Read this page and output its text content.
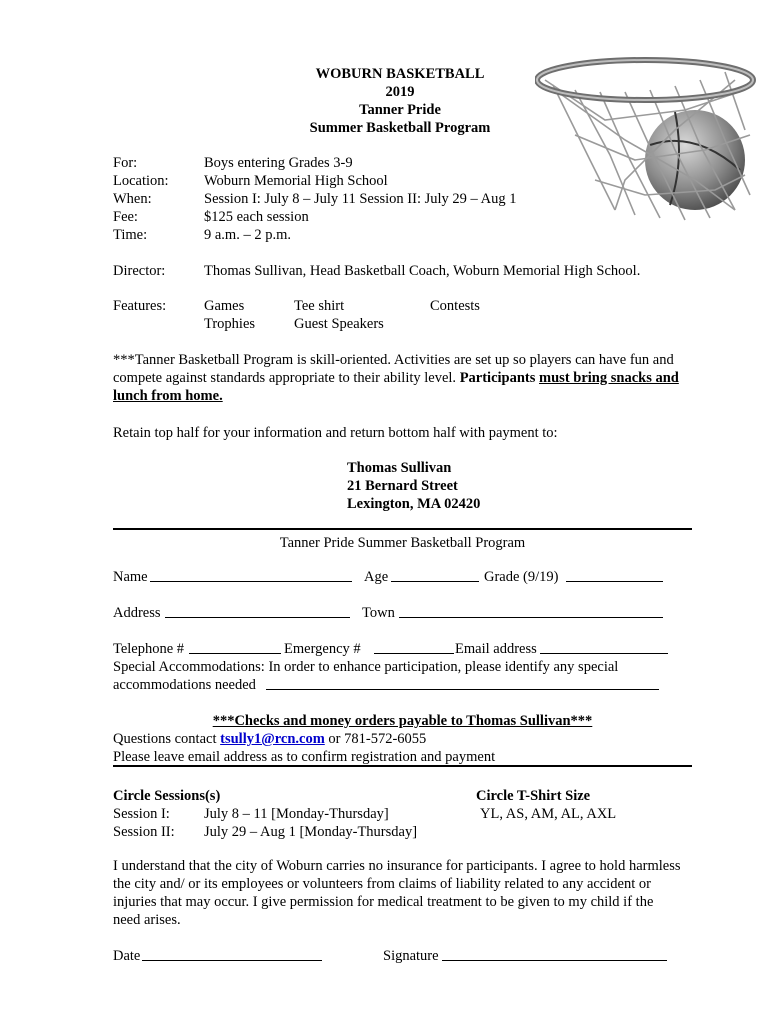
WOBURN BASKETBALL
2019
Tanner Pride
Summer Basketball Program
For:	Boys entering Grades 3-9
Location: Woburn Memorial High School
When:	Session I: July 8 – July 11 Session II: July 29 – Aug 1
Fee:	$125 each session
Time:	9 a.m. – 2 p.m.
Director:	Thomas Sullivan, Head Basketball Coach, Woburn Memorial High School.
Features:	Games	Tee shirt	Contests
Trophies	Guest Speakers
***Tanner Basketball Program is skill-oriented. Activities are set up so players can have fun and compete against standards appropriate to their ability level. Participants must bring snacks and lunch from home.
Retain top half for your information and return bottom half with payment to:
Thomas Sullivan
21 Bernard Street
Lexington, MA 02420
Tanner Pride Summer Basketball Program
Name	Age	Grade (9/19)
Address	Town
Telephone #	Emergency #	Email address
Special Accommodations: In order to enhance participation, please identify any special
accommodations needed
***Checks and money orders payable to Thomas Sullivan***
Questions contact tsully1@rcn.com or 781-572-6055
Please leave email address as to confirm registration and payment
Circle Sessions(s)
Session I: July 8 – 11 [Monday-Thursday]
Session II: July 29 – Aug 1 [Monday-Thursday]
Circle T-Shirt Size
YL, AS, AM, AL, AXL
I understand that the city of Woburn carries no insurance for participants. I agree to hold harmless the city and/ or its employees or volunteers from claims of liability related to any accident or injuries that may occur. I give permission for medical treatment to be given to my child if the need arises.
Date	Signature
